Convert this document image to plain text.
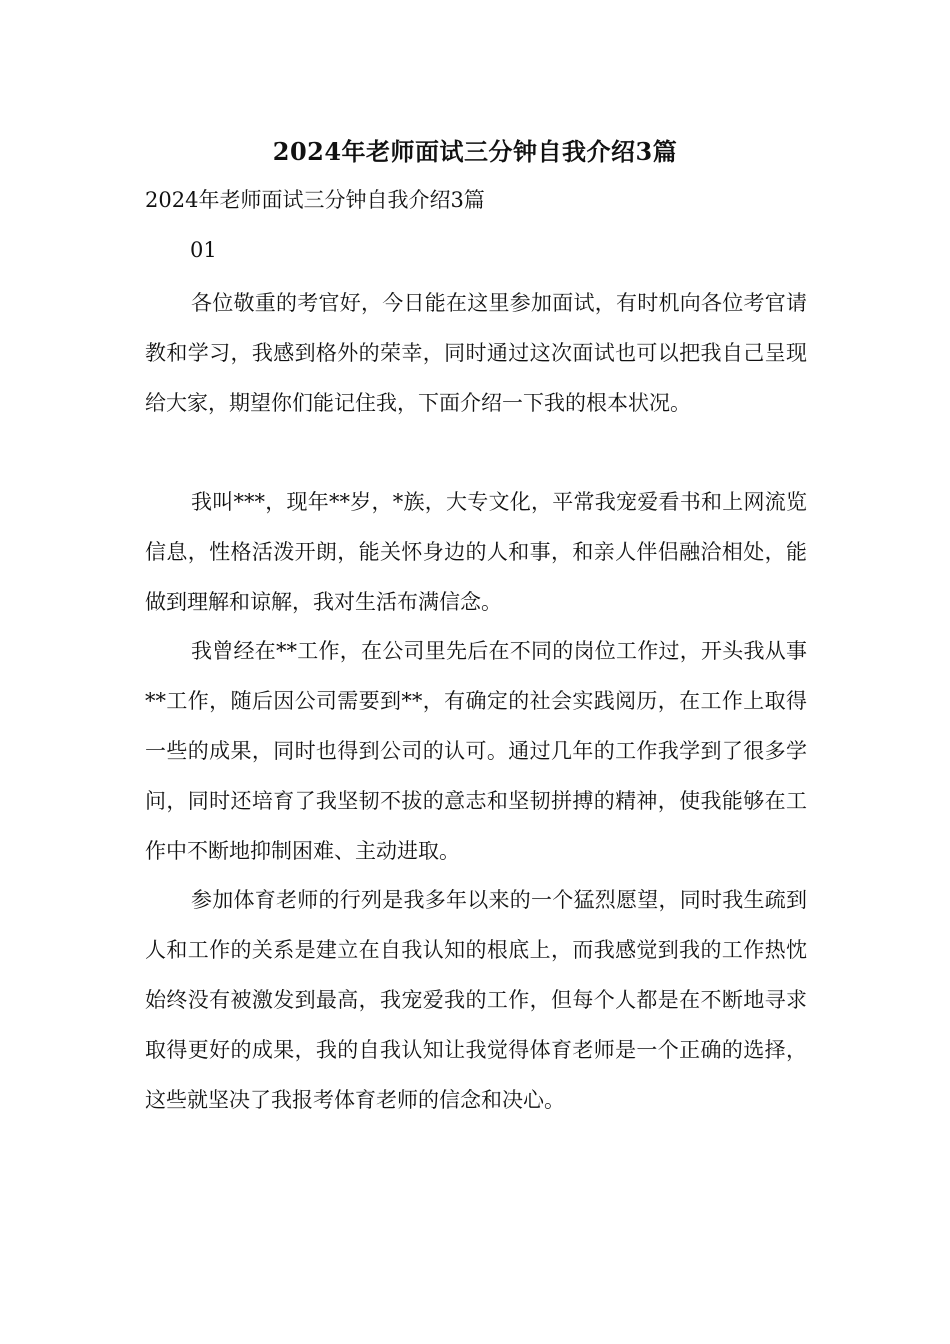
2024年老师面试三分钟自我介绍3篇
2024年老师面试三分钟自我介绍3篇
01

各位敬重的考官好，今日能在这里参加面试，有时机向各位考官请教和学习，我感到格外的荣幸，同时通过这次面试也可以把我自己呈现给大家，期望你们能记住我，下面介绍一下我的根本状况。

我叫***，现年**岁，*族，大专文化，平常我宠爱看书和上网流览信息，性格活泼开朗，能关怀身边的人和事，和亲人伴侣融洽相处，能做到理解和谅解，我对生活布满信念。

我曾经在**工作，在公司里先后在不同的岗位工作过，开头我从事**工作，随后因公司需要到**，有确定的社会实践阅历，在工作上取得一些的成果，同时也得到公司的认可。通过几年的工作我学到了很多学问，同时还培育了我坚韧不拔的意志和坚韧拼搏的精神，使我能够在工作中不断地抑制困难、主动进取。

参加体育老师的行列是我多年以来的一个猛烈愿望，同时我生疏到人和工作的关系是建立在自我认知的根底上，而我感觉到我的工作热忱始终没有被激发到最高，我宠爱我的工作，但每个人都是在不断地寻求取得更好的成果，我的自我认知让我觉得体育老师是一个正确的选择，这些就坚决了我报考体育老师的信念和决心。
